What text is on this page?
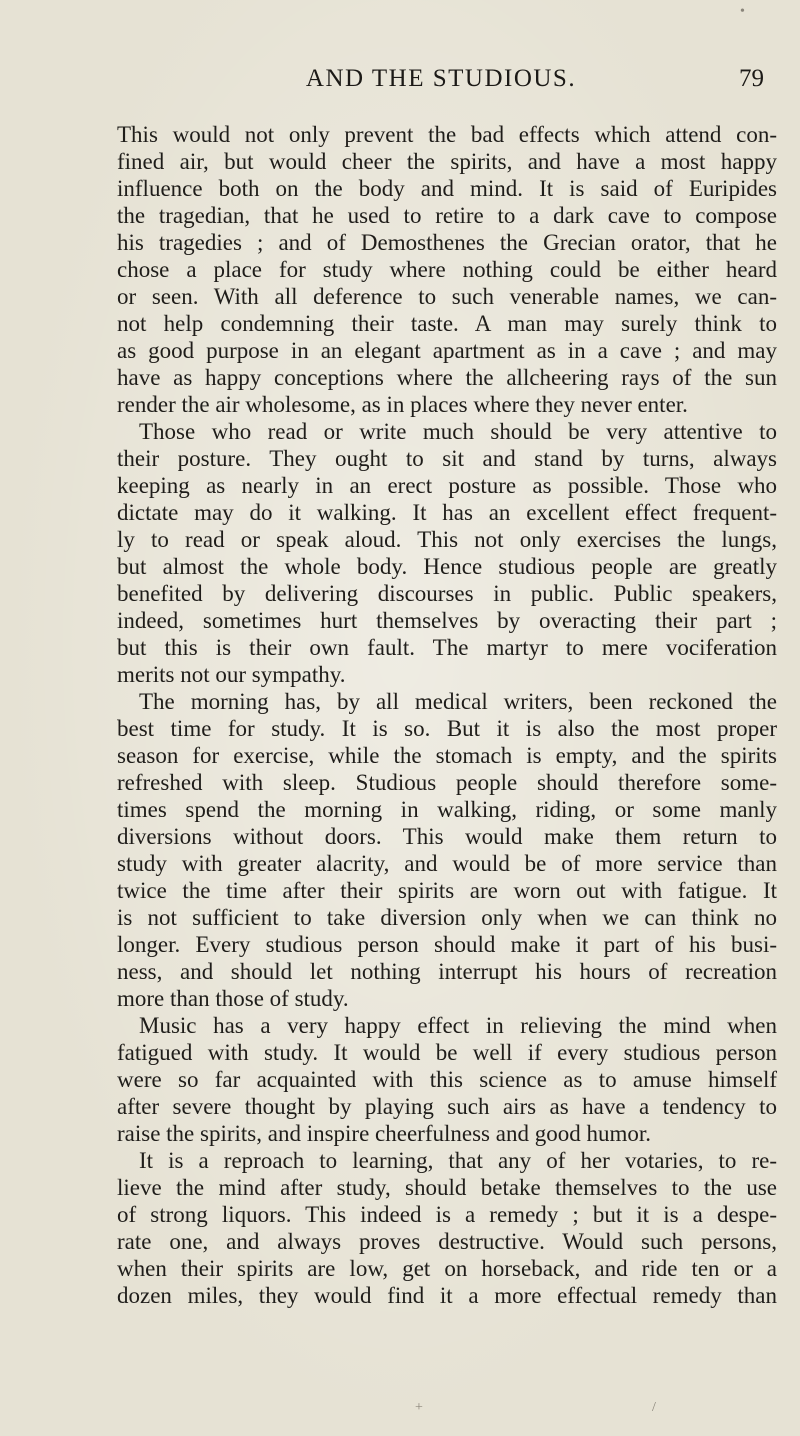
AND THE STUDIOUS.	79
This would not only prevent the bad effects which attend con-
fined air, but would cheer the spirits, and have a most happy
influence both on the body and mind. It is said of Euripides
the tragedian, that he used to retire to a dark cave to compose
his tragedies ; and of Demosthenes the Grecian orator, that he
chose a place for study where nothing could be either heard
or seen. With all deference to such venerable names, we can-
not help condemning their taste. A man may surely think to
as good purpose in an elegant apartment as in a cave ; and may
have as happy conceptions where the allcheering rays of the sun
render the air wholesome, as in places where they never enter.
Those who read or write much should be very attentive to
their posture. They ought to sit and stand by turns, always
keeping as nearly in an erect posture as possible. Those who
dictate may do it walking. It has an excellent effect frequent-
ly to read or speak aloud. This not only exercises the lungs,
but almost the whole body. Hence studious people are greatly
benefited by delivering discourses in public. Public speakers,
indeed, sometimes hurt themselves by overacting their part ;
but this is their own fault. The martyr to mere vociferation
merits not our sympathy.
The morning has, by all medical writers, been reckoned the
best time for study. It is so. But it is also the most proper
season for exercise, while the stomach is empty, and the spirits
refreshed with sleep. Studious people should therefore some-
times spend the morning in walking, riding, or some manly
diversions without doors. This would make them return to
study with greater alacrity, and would be of more service than
twice the time after their spirits are worn out with fatigue. It
is not sufficient to take diversion only when we can think no
longer. Every studious person should make it part of his busi-
ness, and should let nothing interrupt his hours of recreation
more than those of study.
Music has a very happy effect in relieving the mind when
fatigued with study. It would be well if every studious person
were so far acquainted with this science as to amuse himself
after severe thought by playing such airs as have a tendency to
raise the spirits, and inspire cheerfulness and good humor.
It is a reproach to learning, that any of her votaries, to re-
lieve the mind after study, should betake themselves to the use
of strong liquors. This indeed is a remedy ; but it is a despe-
rate one, and always proves destructive. Would such persons,
when their spirits are low, get on horseback, and ride ten or a
dozen miles, they would find it a more effectual remedy than
•
+	/
